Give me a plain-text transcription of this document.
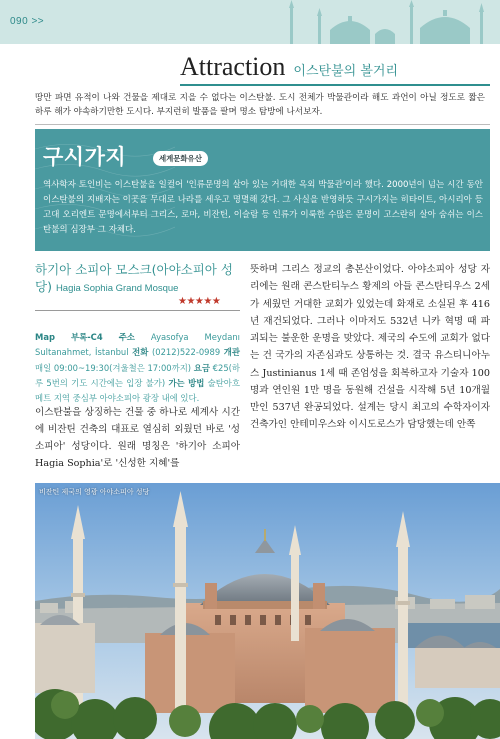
090 >>
Attraction 이스탄불의 볼거리

땅만 파면 유적이 나와 건물을 제대로 지을 수 없다는 이스탄불. 도시 전체가 박물관이라 해도 과언이 아닐 정도로 짧은 하루 해가 야속하기만한 도시다. 부지런히 발품을 팔며 명소 탐방에 나서보자.

구시가지	세계문화유산

역사학자 토인비는 이스탄불을 일컬어 '인류문명의 살아 있는 거대한 옥외 박물관'이라 했다. 2000년이 넘는 시간 동안 이스탄불의 지배자는 이곳을 무대로 나라를 세우고 명멸해 갔다. 그 사실을 반영하듯 구시가지는 히타이트, 아시리아 등 고대 오리엔트 문명에서부터 그리스, 로마, 비잔틴, 이슬람 등 인류가 이룩한 수많은 문명이 고스란히 살아 숨쉬는 이스탄불의 심장부 그 자체다.

하기아 소피아 모스크(아야소피아 성당) Hagia Sophia Grand Mosque
★★★★★

Map 부록-C4 주소 Ayasofya Meydanı Sultanahmet, İstanbul 전화 (0212)522-0989 개관 매일 09:00~19:30(겨울철은 17:00까지) 요금 €25(하루 5번의 기도 시간에는 입장 불가) 가는 방법 술탄아흐메트 지역 중심부 아야소피아 광장 내에 있다.

이스탄불을 상징하는 건물 중 하나로 세계사 시간에 비잔틴 건축의 대표로 열심히 외웠던 바로 '성 소피아' 성당이다. 원래 명칭은 '하기아 소피아 Hagia Sophia'로 '신성한 지혜'를

뜻하며 그리스 정교의 총본산이었다. 아야소피아 성당 자리에는 원래 콘스탄티누스 황제의 아들 콘스탄티우스 2세가 세웠던 거대한 교회가 있었는데 화재로 소실된 후 416년 재건되었다. 그러나 이마저도 532년 니카 혁명 때 파괴되는 불운한 운명을 맞았다. 제국의 수도에 교회가 없다는 건 국가의 자존심과도 상통하는 것. 결국 유스티니아누스 Justinianus 1세 때 존엄성을 회복하고자 기술자 100명과 연인원 1만 명을 동원해 건설을 시작해 5년 10개월 만인 537년 완공되었다. 설계는 당시 최고의 수학자이자 건축가인 안테미우스와 이시도로스가 담당했는데 안쪽

비잔틴 제국의 영광 아야소피아 성당
